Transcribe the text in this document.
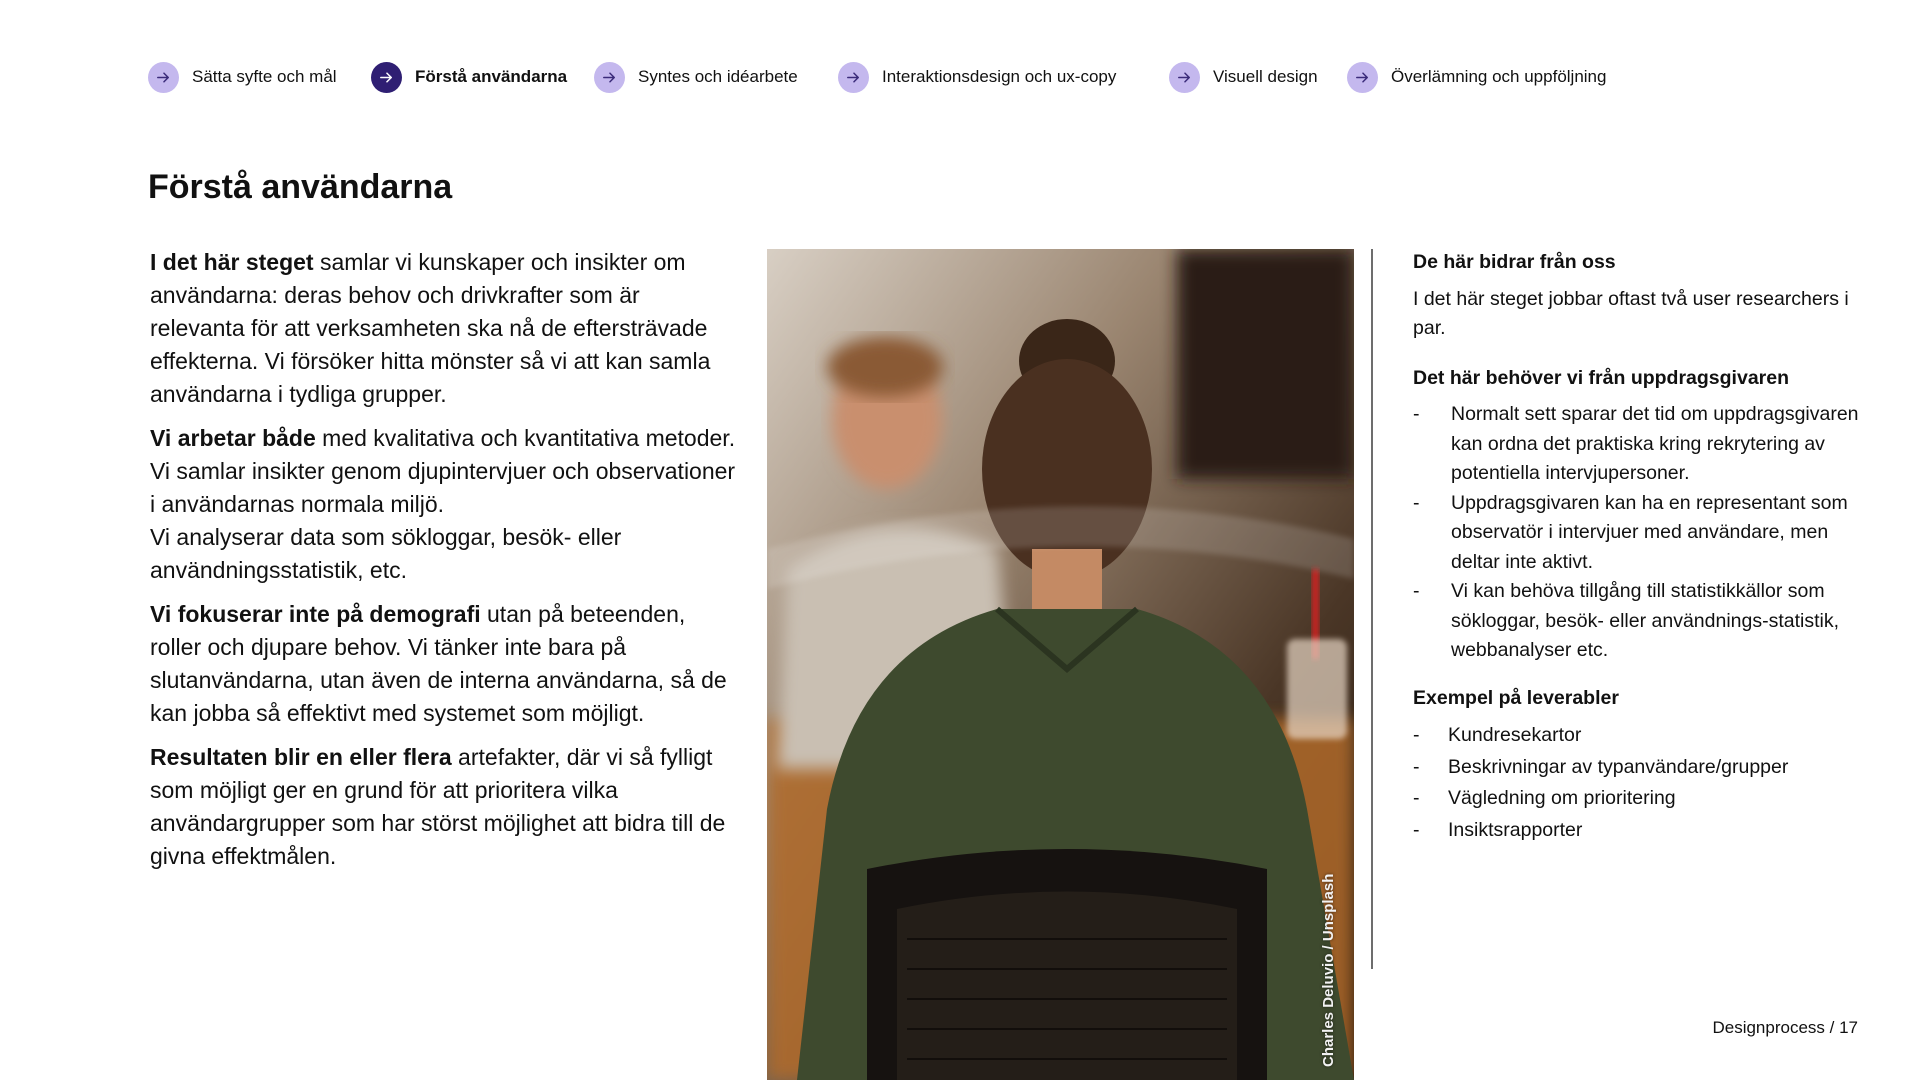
Sätta syfte och mål	Förstå användarna	Syntes och idéarbete	Interaktionsdesign och ux-copy	Visuell design	Överlämning och uppföljning
Förstå användarna

I det här steget samlar vi kunskaper och insikter om användarna: deras behov och drivkrafter som är relevanta för att verksamheten ska nå de eftersträvade effekterna. Vi försöker hitta mönster så vi att kan samla användarna i tydliga grupper.

Vi arbetar både med kvalitativa och kvantitativa metoder. Vi samlar insikter genom djupintervjuer och observationer i användarnas normala miljö.
Vi analyserar data som sökloggar, besök- eller användningsstatistik, etc.

Vi fokuserar inte på demografi utan på beteenden, roller och djupare behov. Vi tänker inte bara på slutanvändarna, utan även de interna användarna, så de kan jobba så effektivt med systemet som möjligt.

Resultaten blir en eller flera artefakter, där vi så fylligt som möjligt ger en grund för att prioritera vilka användargrupper som har störst möjlighet att bidra till de givna effektmålen.

Charles Deluvio / Unsplash
De här bidrar från oss

I det här steget jobbar oftast två user researchers i par.

Det här behöver vi från uppdragsgivaren
- Normalt sett sparar det tid om uppdragsgivaren kan ordna det praktiska kring rekrytering av potentiella intervjupersoner.
- Uppdragsgivaren kan ha en representant som observatör i intervjuer med användare, men deltar inte aktivt.
- Vi kan behöva tillgång till statistikkällor som sökloggar, besök- eller användnings-statistik, webbanalyser etc.
Exempel på leverabler
- Kundresekartor
- Beskrivningar av typanvändare/grupper
- Vägledning om prioritering
- Insiktsrapporter
Designprocess / 17
